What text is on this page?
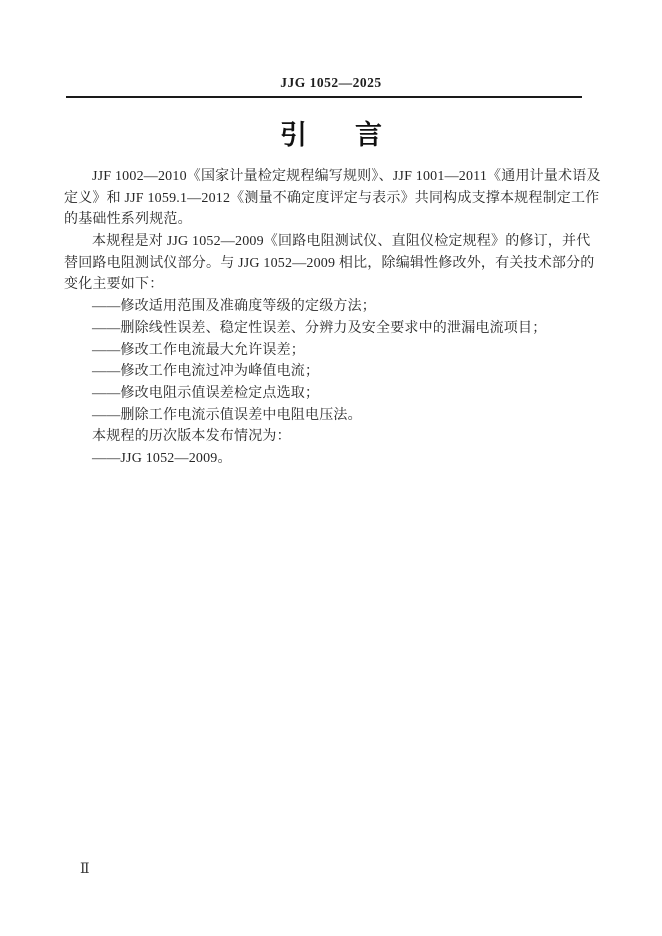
JJG 1052—2025
引 言
JJF 1002—2010《国家计量检定规程编写规则》、JJF 1001—2011《通用计量术语及
定义》和 JJF 1059.1—2012《测量不确定度评定与表示》共同构成支撑本规程制定工作
的基础性系列规范。
本规程是对 JJG 1052—2009《回路电阻测试仪、直阻仪检定规程》的修订，并代
替回路电阻测试仪部分。与 JJG 1052—2009 相比，除编辑性修改外，有关技术部分的
变化主要如下：
——修改适用范围及准确度等级的定级方法；
——删除线性误差、稳定性误差、分辨力及安全要求中的泄漏电流项目；
——修改工作电流最大允许误差；
——修改工作电流过冲为峰值电流；
——修改电阻示值误差检定点选取；
——删除工作电流示值误差中电阻电压法。
本规程的历次版本发布情况为：
——JJG 1052—2009。
Ⅱ
